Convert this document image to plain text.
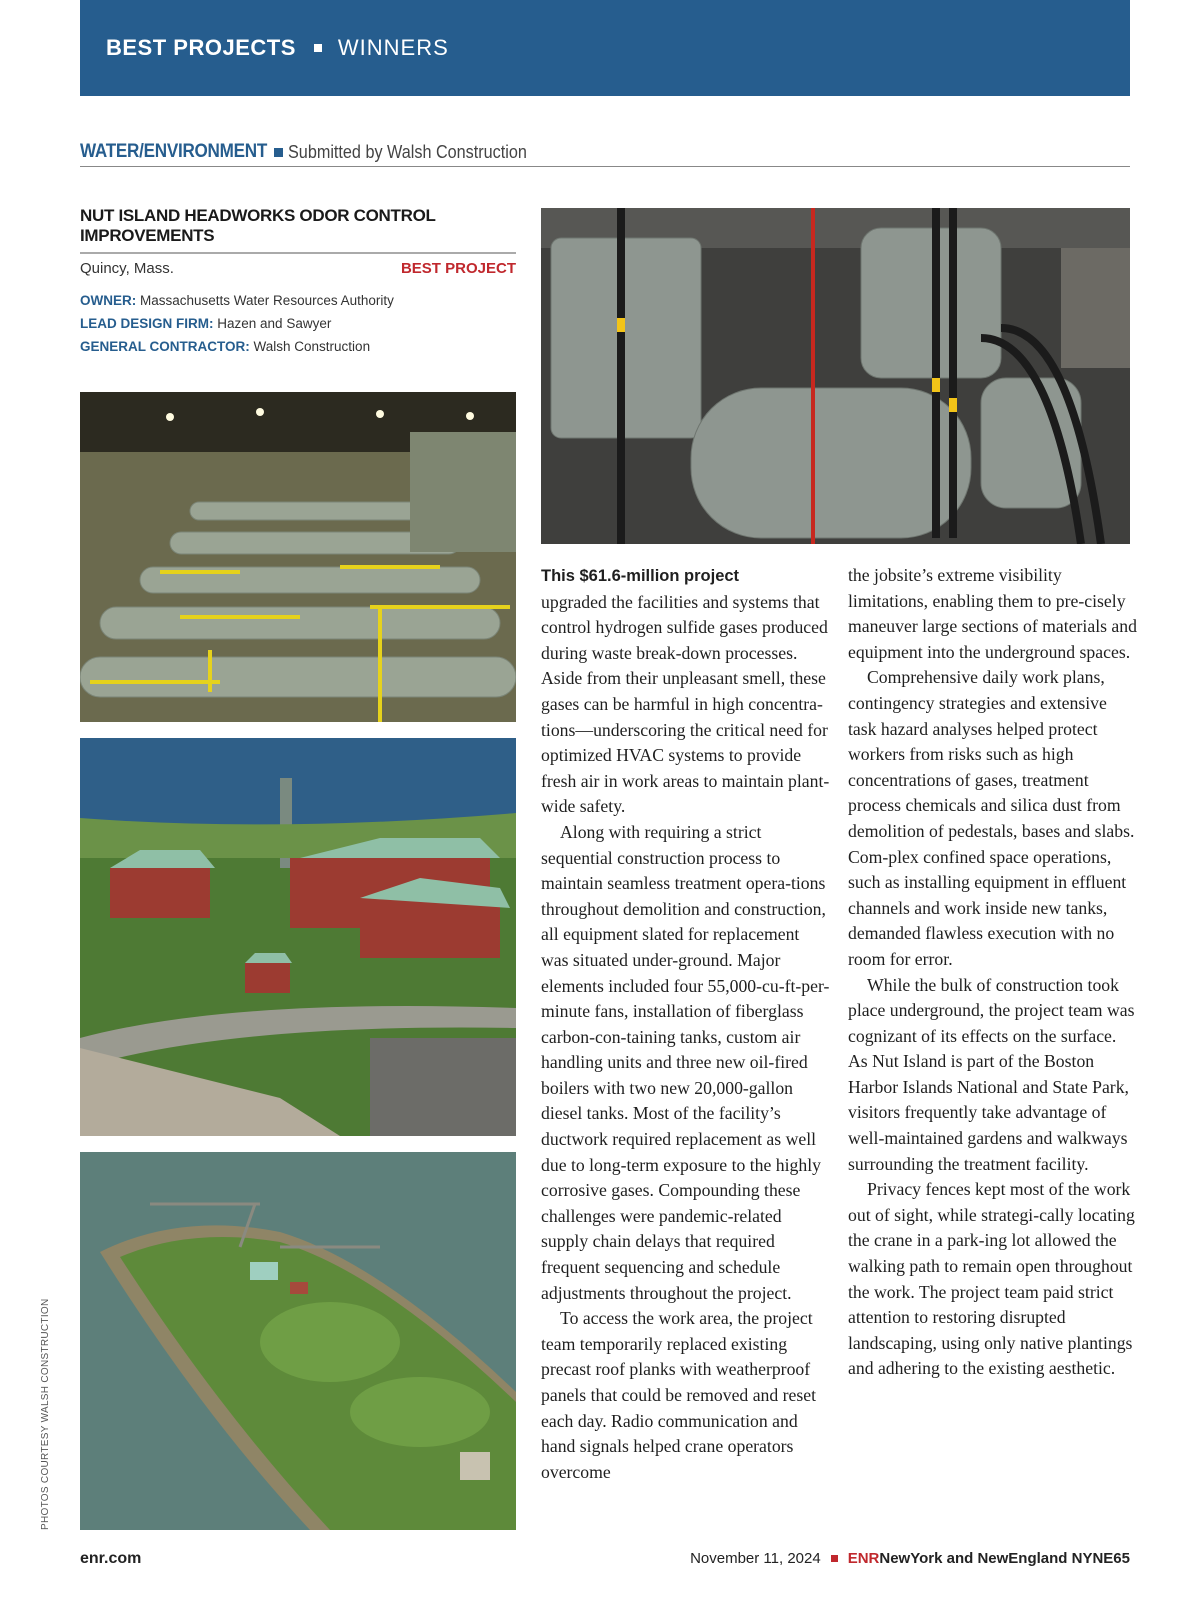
BEST PROJECTS WINNERS
WATER/ENVIRONMENT Submitted by Walsh Construction
NUT ISLAND HEADWORKS ODOR CONTROL IMPROVEMENTS
Quincy, Mass.	BEST PROJECT
OWNER: Massachusetts Water Resources Authority
LEAD DESIGN FIRM: Hazen and Sawyer
GENERAL CONTRACTOR: Walsh Construction
PHOTOS COURTESY WALSH CONSTRUCTION

This $61.6-million project
upgraded the facilities and systems that control hydrogen sulfide gases produced during waste break-down processes. Aside from their unpleasant smell, these gases can be harmful in high concentra-tions—underscoring the critical need for optimized HVAC systems to provide fresh air in work areas to maintain plant-wide safety.

Along with requiring a strict sequential construction process to maintain seamless treatment opera-tions throughout demolition and construction, all equipment slated for replacement was situated under-ground. Major elements included four 55,000-cu-ft-per-minute fans, installation of fiberglass carbon-con-taining tanks, custom air handling units and three new oil-fired boilers with two new 20,000-gallon diesel tanks. Most of the facility’s ductwork required replacement as well due to long-term exposure to the highly corrosive gases. Compounding these challenges were pandemic-related supply chain delays that required frequent sequencing and schedule adjustments throughout the project.

To access the work area, the project team temporarily replaced existing precast roof planks with weatherproof panels that could be removed and reset each day. Radio communication and hand signals helped crane operators overcome

the jobsite’s extreme visibility limitations, enabling them to pre-cisely maneuver large sections of materials and equipment into the underground spaces.

Comprehensive daily work plans, contingency strategies and extensive task hazard analyses helped protect workers from risks such as high concentrations of gases, treatment process chemicals and silica dust from demolition of pedestals, bases and slabs. Com-plex confined space operations, such as installing equipment in effluent channels and work inside new tanks, demanded flawless execution with no room for error.

While the bulk of construction took place underground, the project team was cognizant of its effects on the surface. As Nut Island is part of the Boston Harbor Islands National and State Park, visitors frequently take advantage of well-maintained gardens and walkways surrounding the treatment facility.

Privacy fences kept most of the work out of sight, while strategi-cally locating the crane in a park-ing lot allowed the walking path to remain open throughout the work. The project team paid strict attention to restoring disrupted landscaping, using only native plantings and adhering to the existing aesthetic.

enr.com	November 11, 2024 ENR NewYork and NewEngland NYNE65
